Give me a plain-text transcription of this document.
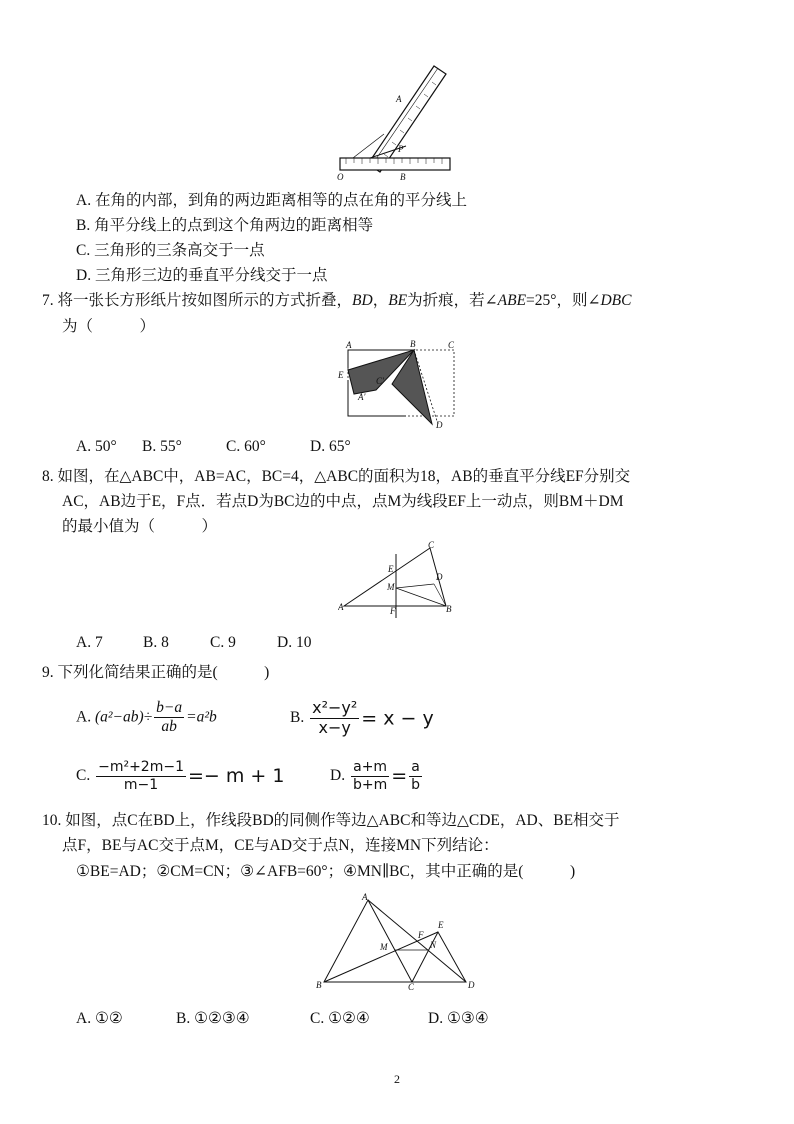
A
P
O	B
A. 在角的内部，到角的两边距离相等的点在角的平分线上
B. 角平分线上的点到这个角两边的距离相等
C. 三角形的三条高交于一点
D. 三角形三边的垂直平分线交于一点
7. 将一张长方形纸片按如图所示的方式折叠，BD，BE为折痕，若∠ABE=25°，则∠DBC
为（　　　）
A	B	C
E
A′
C′
D
A. 50° B. 55°	C. 60°	D. 65°
8. 如图，在△ABC中，AB=AC，BC=4，△ABC的面积为18，AB的垂直平分线EF分别交
AC，AB边于E，F点．若点D为BC边的中点，点M为线段EF上一动点，则BM＋DM
的最小值为（　　　）
A
C
E
M
D
F	B
A. 7	B. 8	C. 9	D. 10
9. 下列化简结果正确的是(　　　)
A. $(a^2-ab)\div \frac{b-a}{ab} =a^2b$	B. $\frac{\text{x²−y²}}{x-y} = x - y$
C. $\frac{\text{−m²+2m−1}}{m-1} =- m + 1$	D. $\frac{a+m}{b+m} = \frac{a}{b}$
10. 如图，点C在BD上，作线段BD的同侧作等边△ABC和等边△CDE，AD、BE相交于
点F，BE与AC交于点M，CE与AD交于点N，连接MN下列结论：
①BE=AD；②CM=CN；③∠AFB=60°；④MN∥BC，其中正确的是(　　　)
A
B	C	D
E
F
M	N
A. ①②	B. ①②③④	C. ①②④	D. ①③④
2
